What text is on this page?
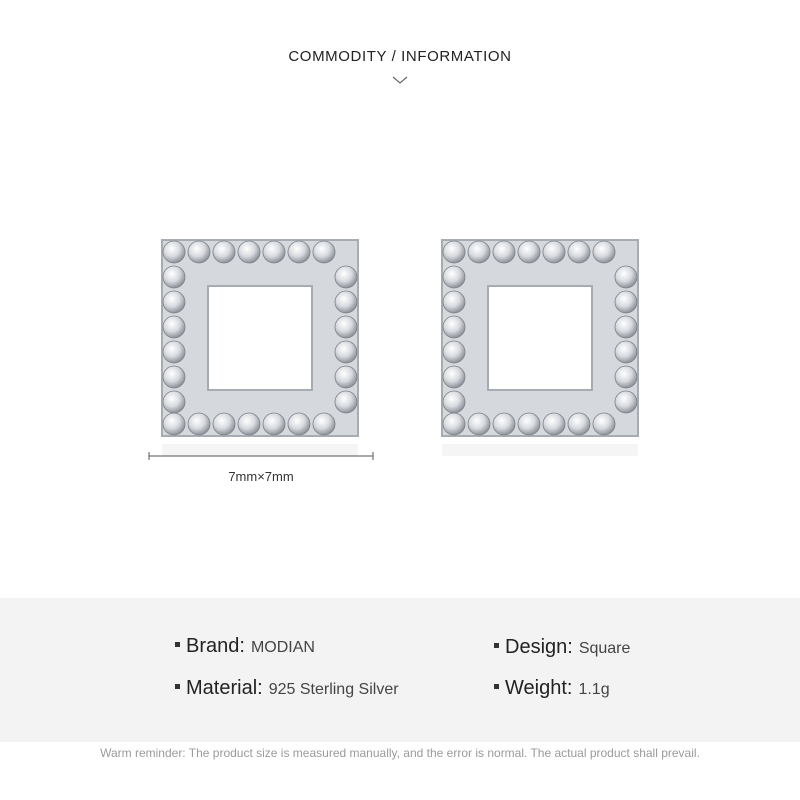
COMMODITY / INFORMATION
7mm×7mm
Brand: MODIAN
Material: 925 Sterling Silver
Design: Square
Weight: 1.1g
Warm reminder: The product size is measured manually, and the error is normal. The actual product shall prevail.
